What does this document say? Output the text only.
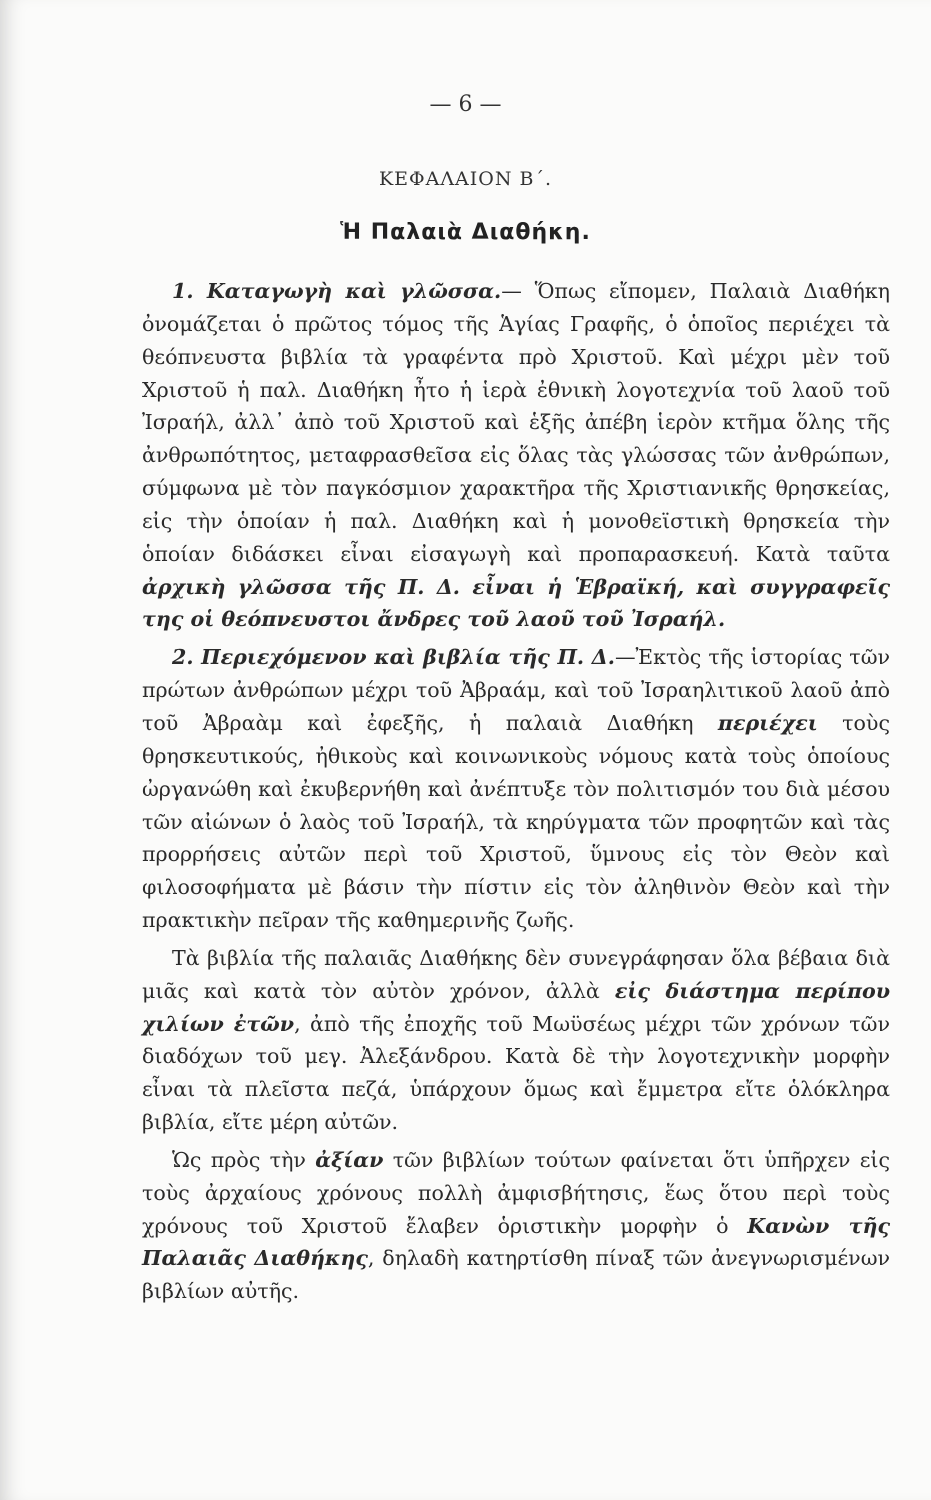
— 6 —
ΚΕΦΑΛΑΙΟΝ Β΄.
Ἡ Παλαιὰ Διαθήκη.

1. Καταγωγὴ καὶ γλῶσσα.— Ὅπως εἴπομεν, Παλαιὰ Διαθήκη ὀνομάζεται ὁ πρῶτος τόμος τῆς Ἁγίας Γραφῆς, ὁ ὁποῖος περιέχει τὰ θεόπνευστα βιβλία τὰ γραφέντα πρὸ Χριστοῦ. Καὶ μέχρι μὲν τοῦ Χριστοῦ ἡ παλ. Διαθήκη ἦτο ἡ ἱερὰ ἐθνικὴ λογοτεχνία τοῦ λαοῦ τοῦ Ἰσραήλ, ἀλλ᾽ ἀπὸ τοῦ Χριστοῦ καὶ ἑξῆς ἀπέβη ἱερὸν κτῆμα ὅλης τῆς ἀνθρωπότητος, μεταφρασθεῖσα εἰς ὅλας τὰς γλώσσας τῶν ἀνθρώπων, σύμφωνα μὲ τὸν παγκόσμιον χαρακτῆρα τῆς Χριστιανικῆς θρησκείας, εἰς τὴν ὁποίαν ἡ παλ. Διαθήκη καὶ ἡ μονοθεϊστικὴ θρησκεία τὴν ὁποίαν διδάσκει εἶναι εἰσαγωγὴ καὶ προπαρασκευή. Κατὰ ταῦτα ἀρχικὴ γλῶσσα τῆς Π. Δ. εἶναι ἡ Ἑβραϊκή, καὶ συγγραφεῖς της οἱ θεόπνευστοι ἄνδρες τοῦ λαοῦ τοῦ Ἰσραήλ.

2. Περιεχόμενον καὶ βιβλία τῆς Π. Δ.—Ἐκτὸς τῆς ἱστορίας τῶν πρώτων ἀνθρώπων μέχρι τοῦ Ἀβραάμ, καὶ τοῦ Ἰσραηλιτικοῦ λαοῦ ἀπὸ τοῦ Ἀβραὰμ καὶ ἐφεξῆς, ἡ παλαιὰ Διαθήκη περιέχει τοὺς θρησκευτικούς, ἠθικοὺς καὶ κοινωνικοὺς νόμους κατὰ τοὺς ὁποίους ὠργανώθη καὶ ἐκυβερνήθη καὶ ἀνέπτυξε τὸν πολιτισμόν του διὰ μέσου τῶν αἰώνων ὁ λαὸς τοῦ Ἰσραήλ, τὰ κηρύγματα τῶν προφητῶν καὶ τὰς προρρήσεις αὐτῶν περὶ τοῦ Χριστοῦ, ὕμνους εἰς τὸν Θεὸν καὶ φιλοσοφήματα μὲ βάσιν τὴν πίστιν εἰς τὸν ἀληθινὸν Θεὸν καὶ τὴν πρακτικὴν πεῖραν τῆς καθημερινῆς ζωῆς.

Τὰ βιβλία τῆς παλαιᾶς Διαθήκης δὲν συνεγράφησαν ὅλα βέβαια διὰ μιᾶς καὶ κατὰ τὸν αὐτὸν χρόνον, ἀλλὰ εἰς διάστημα περίπου χιλίων ἐτῶν, ἀπὸ τῆς ἐποχῆς τοῦ Μωϋσέως μέχρι τῶν χρόνων τῶν διαδόχων τοῦ μεγ. Ἀλεξάνδρου. Κατὰ δὲ τὴν λογοτεχνικὴν μορφὴν εἶναι τὰ πλεῖστα πεζά, ὑπάρχουν ὅμως καὶ ἔμμετρα εἴτε ὁλόκληρα βιβλία, εἴτε μέρη αὐτῶν.

Ὡς πρὸς τὴν ἀξίαν τῶν βιβλίων τούτων φαίνεται ὅτι ὑπῆρχεν εἰς τοὺς ἀρχαίους χρόνους πολλὴ ἀμφισβήτησις, ἕως ὅτου περὶ τοὺς χρόνους τοῦ Χριστοῦ ἔλαβεν ὁριστικὴν μορφὴν ὁ Κανὼν τῆς Παλαιᾶς Διαθήκης, δηλαδὴ κατηρτίσθη πίναξ τῶν ἀνεγνωρισμένων βιβλίων αὐτῆς.
